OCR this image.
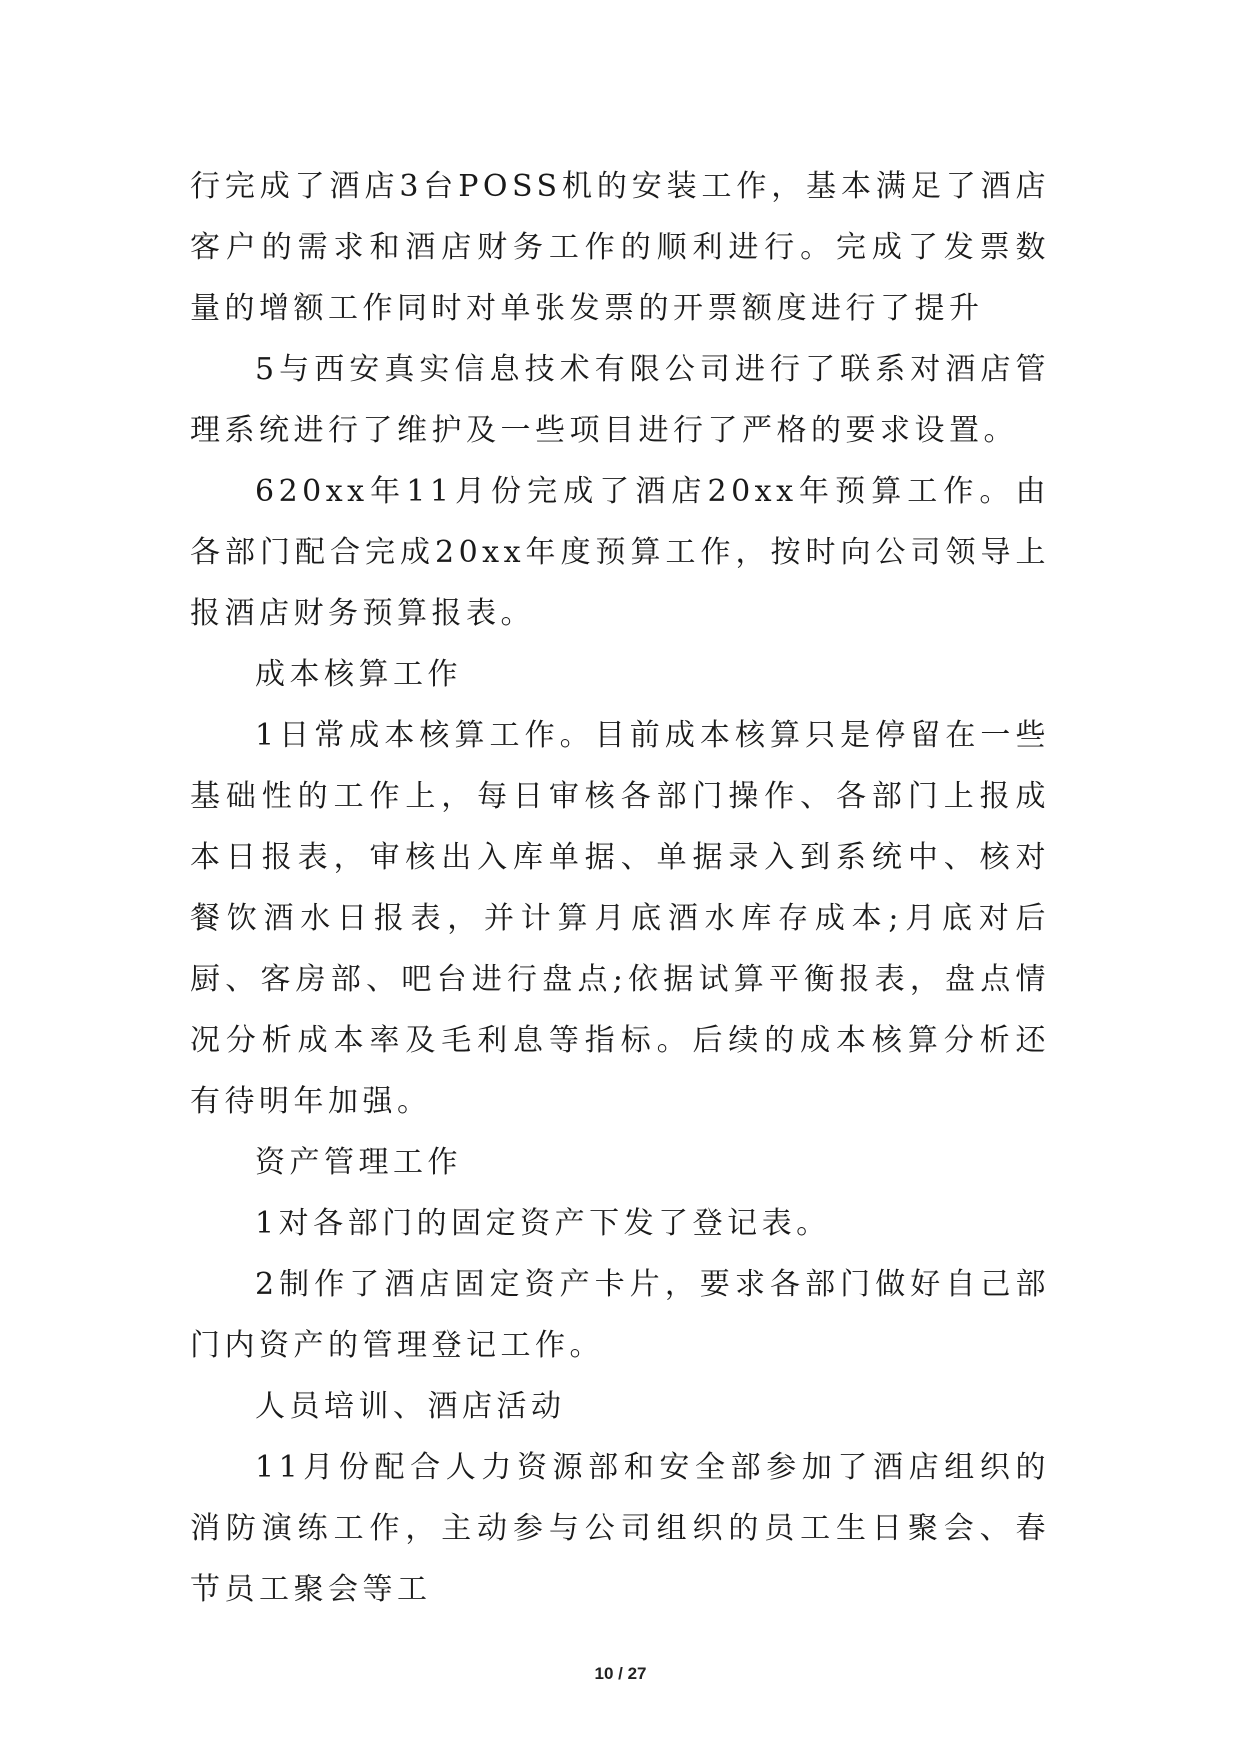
行完成了酒店3台POSS机的安装工作，基本满足了酒店客户的需求和酒店财务工作的顺利进行。完成了发票数量的增额工作同时对单张发票的开票额度进行了提升

5与西安真实信息技术有限公司进行了联系对酒店管理系统进行了维护及一些项目进行了严格的要求设置。

620xx年11月份完成了酒店20xx年预算工作。由各部门配合完成20xx年度预算工作，按时向公司领导上报酒店财务预算报表。

成本核算工作

1日常成本核算工作。目前成本核算只是停留在一些基础性的工作上，每日审核各部门操作、各部门上报成本日报表，审核出入库单据、单据录入到系统中、核对餐饮酒水日报表，并计算月底酒水库存成本;月底对后厨、客房部、吧台进行盘点;依据试算平衡报表，盘点情况分析成本率及毛利息等指标。后续的成本核算分析还有待明年加强。

资产管理工作

1对各部门的固定资产下发了登记表。

2制作了酒店固定资产卡片，要求各部门做好自己部门内资产的管理登记工作。

人员培训、酒店活动

11月份配合人力资源部和安全部参加了酒店组织的消防演练工作，主动参与公司组织的员工生日聚会、春节员工聚会等工

10 / 27
